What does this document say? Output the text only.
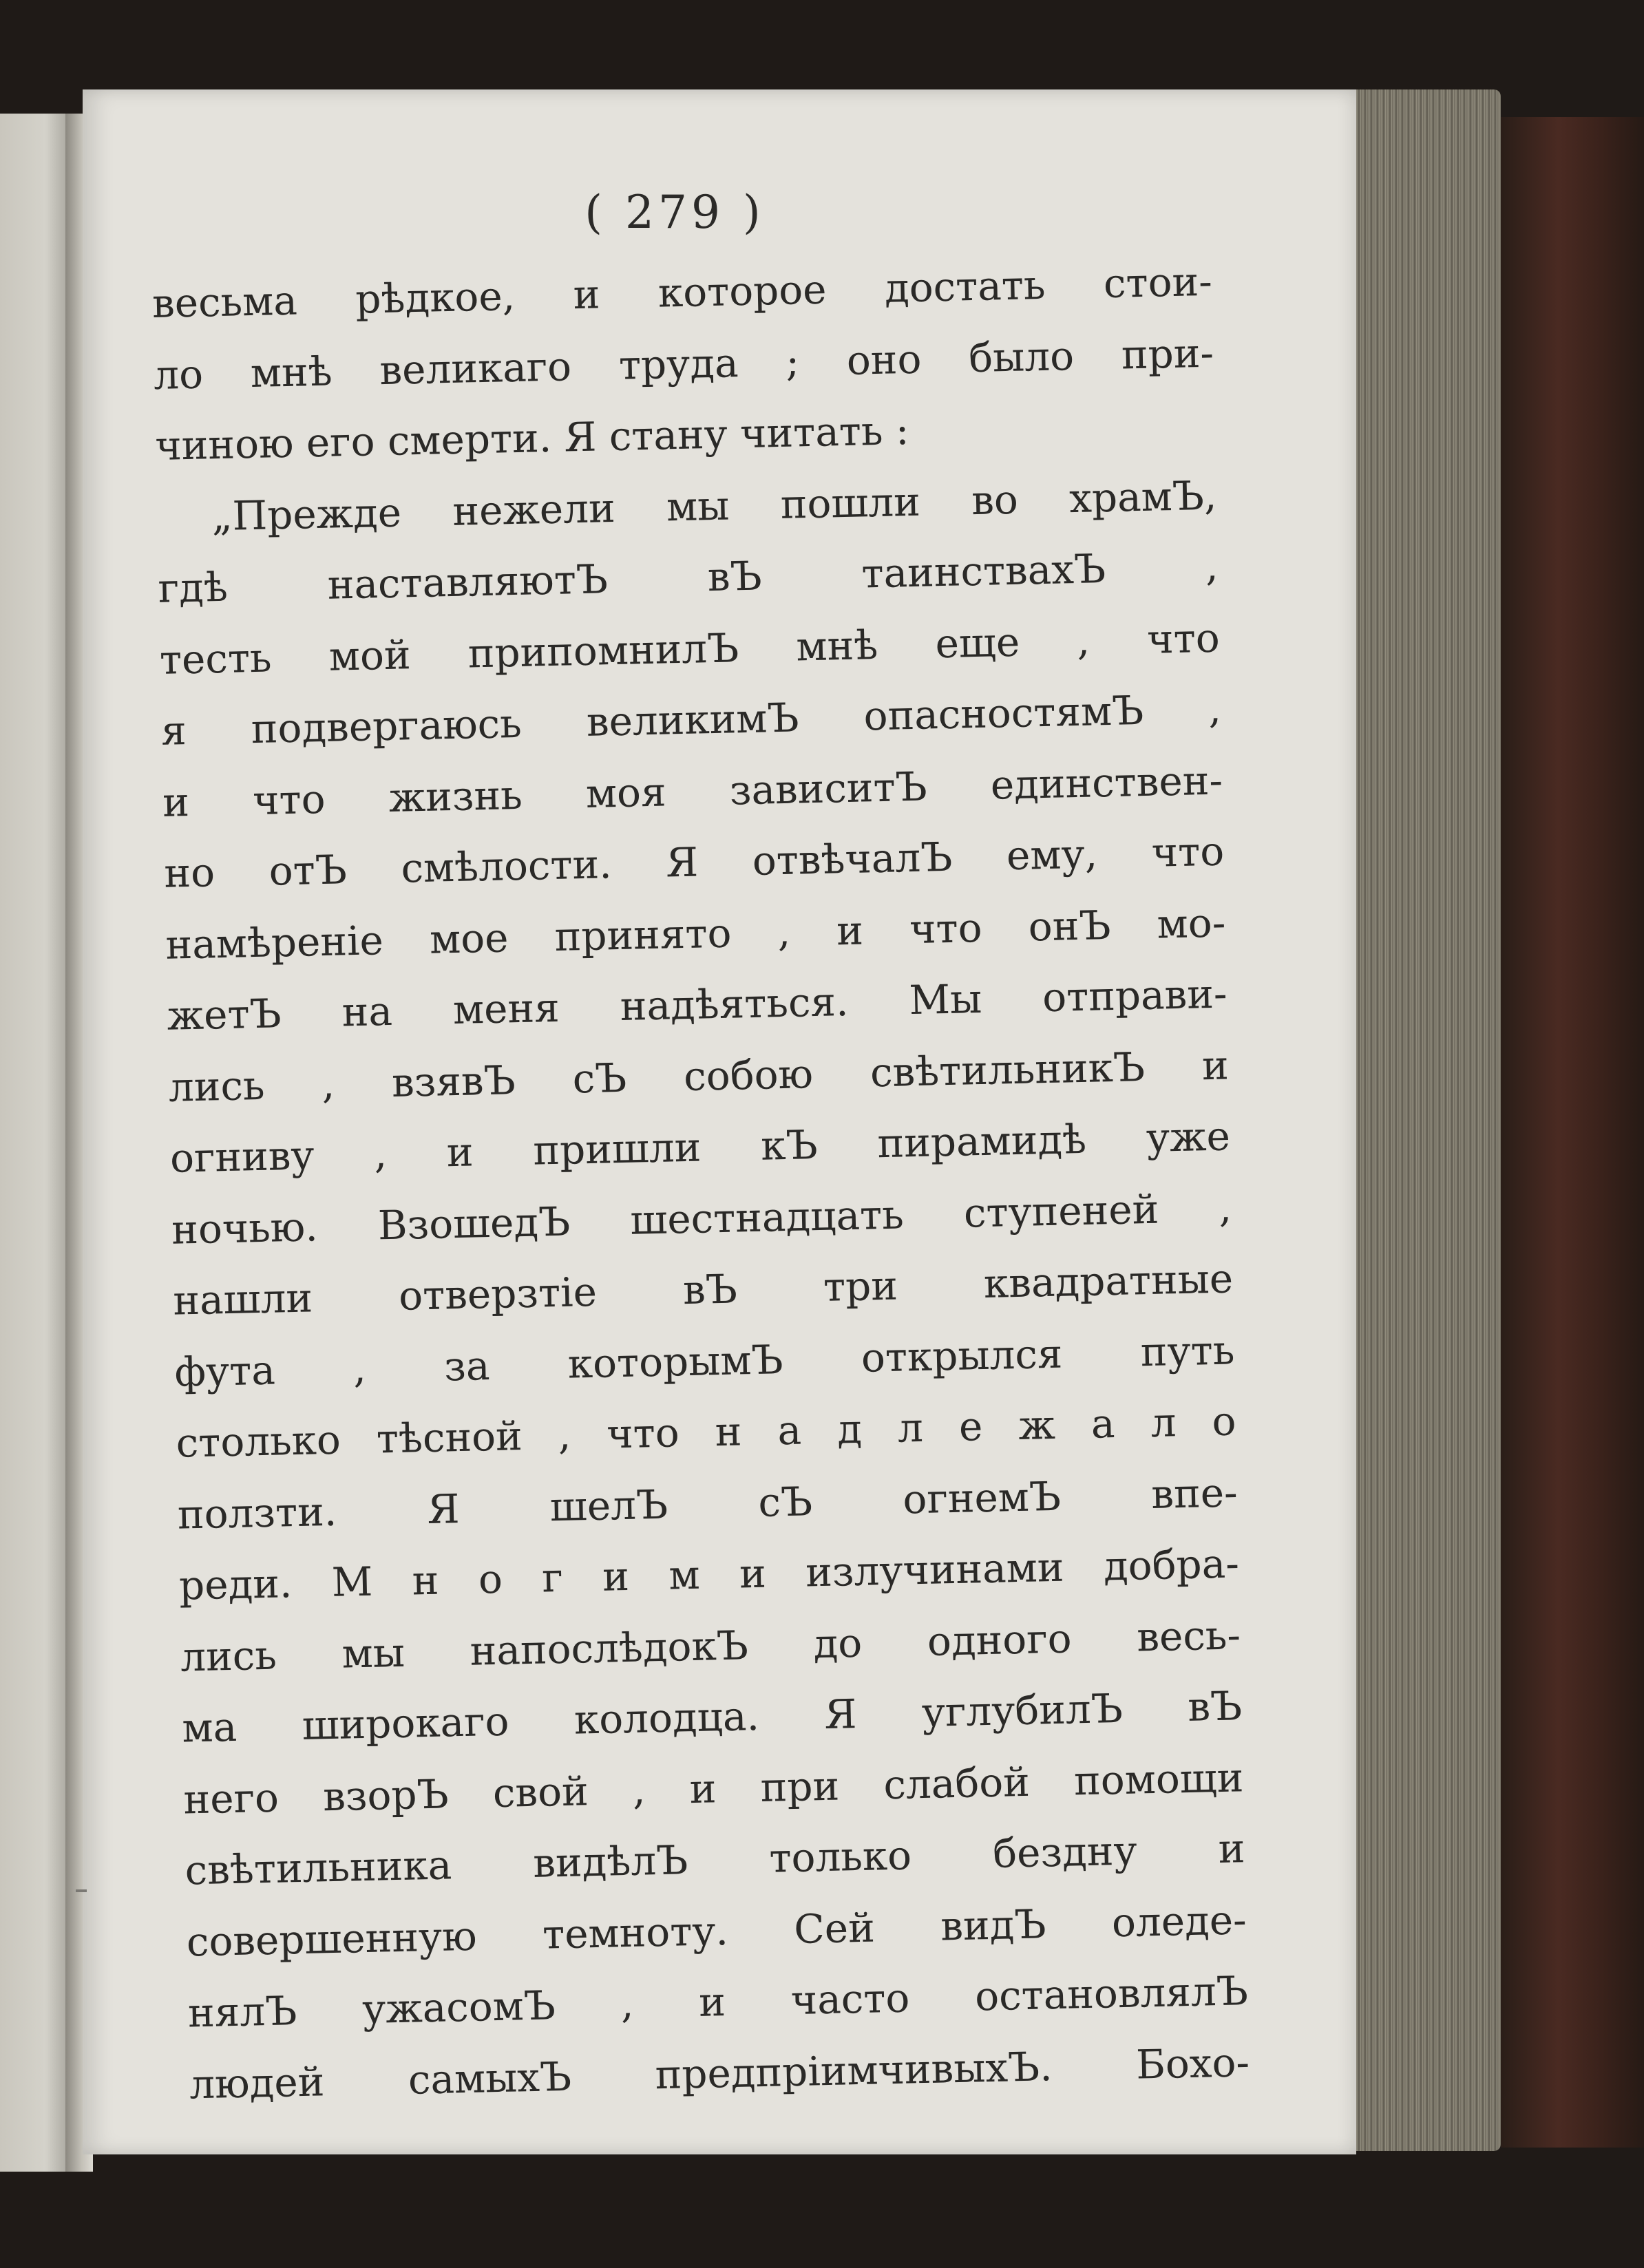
( 279 )
весьма рѣдкое, и которое достать стои-
ло мнѣ великаго труда ; оно было при-
чиною его смерти. Я стану читать :
„Прежде нежели мы пошли во храмЪ,
гдѣ наставляютЪ вЪ таинствахЪ ,
тесть мой припомнилЪ мнѣ еще , что
я подвергаюсь великимЪ опасностямЪ ,
и что жизнь моя зависитЪ единствен-
но отЪ смѣлости. Я отвѣчалЪ ему, что
намѣреніе мое принято , и что онЪ мо-
жетЪ на меня надѣяться. Мы отправи-
лись , взявЪ сЪ собою свѣтильникЪ и
огниву , и пришли кЪ пирамидѣ уже
ночью. ВзошедЪ шестнадцать ступеней ,
нашли отверзтіе вЪ три квадратные
фута , за которымЪ открылся путь
столько тѣсной , что н а д л е ж а л о
ползти. Я шелЪ сЪ огнемЪ впе-
реди. М н о г и м и излучинами добра-
лись мы напослѣдокЪ до одного весь-
ма широкаго колодца. Я углубилЪ вЪ
него взорЪ свой , и при слабой помощи
свѣтильника видѣлЪ только бездну и
совершенную темноту. Сей видЪ оледе-
нялЪ ужасомЪ , и часто остановлялЪ
людей самыхЪ предпріимчивыхЪ. Бохо-
